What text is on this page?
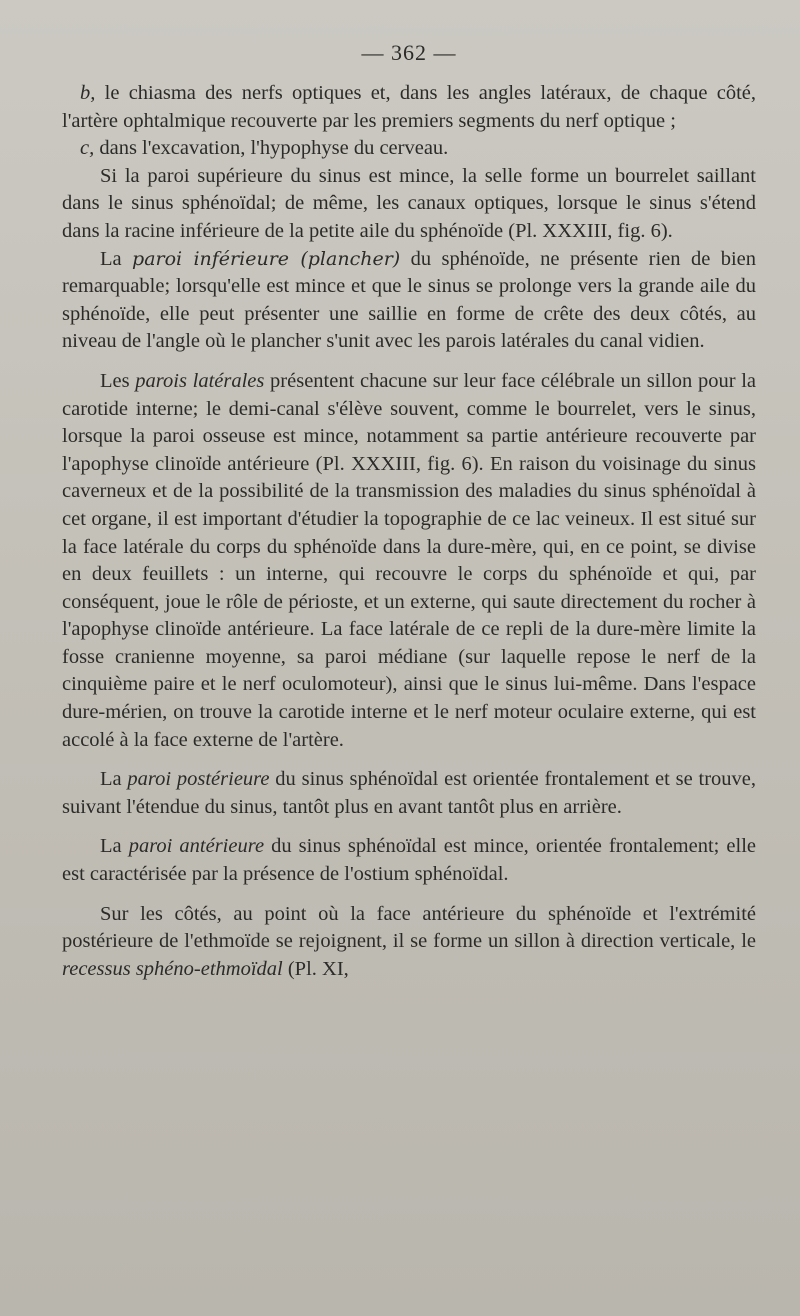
— 362 —

b, le chiasma des nerfs optiques et, dans les angles latéraux, de chaque côté, l'artère ophtalmique recouverte par les premiers segments du nerf optique ;

c, dans l'excavation, l'hypophyse du cerveau.

Si la paroi supérieure du sinus est mince, la selle forme un bourrelet saillant dans le sinus sphénoïdal; de même, les canaux optiques, lorsque le sinus s'étend dans la racine inférieure de la petite aile du sphénoïde (Pl. XXXIII, fig. 6).

La paroi inférieure (plancher) du sphénoïde, ne présente rien de bien remarquable; lorsqu'elle est mince et que le sinus se prolonge vers la grande aile du sphénoïde, elle peut présenter une saillie en forme de crête des deux côtés, au niveau de l'angle où le plancher s'unit avec les parois latérales du canal vidien.

Les parois latérales présentent chacune sur leur face célébrale un sillon pour la carotide interne; le demi-canal s'élève souvent, comme le bourrelet, vers le sinus, lorsque la paroi osseuse est mince, notamment sa partie antérieure recouverte par l'apophyse clinoïde antérieure (Pl. XXXIII, fig. 6). En raison du voisinage du sinus caverneux et de la possibilité de la transmission des maladies du sinus sphénoïdal à cet organe, il est important d'étudier la topographie de ce lac veineux. Il est situé sur la face latérale du corps du sphénoïde dans la dure-mère, qui, en ce point, se divise en deux feuillets : un interne, qui recouvre le corps du sphénoïde et qui, par conséquent, joue le rôle de périoste, et un externe, qui saute directement du rocher à l'apophyse clinoïde antérieure. La face latérale de ce repli de la dure-mère limite la fosse cranienne moyenne, sa paroi médiane (sur laquelle repose le nerf de la cinquième paire et le nerf oculomoteur), ainsi que le sinus lui-même. Dans l'espace dure-mérien, on trouve la carotide interne et le nerf moteur oculaire externe, qui est accolé à la face externe de l'artère.

La paroi postérieure du sinus sphénoïdal est orientée frontalement et se trouve, suivant l'étendue du sinus, tantôt plus en avant tantôt plus en arrière.

La paroi antérieure du sinus sphénoïdal est mince, orientée frontalement; elle est caractérisée par la présence de l'ostium sphénoïdal.

Sur les côtés, au point où la face antérieure du sphénoïde et l'extrémité postérieure de l'ethmoïde se rejoignent, il se forme un sillon à direction verticale, le recessus sphéno-ethmoïdal (Pl. XI,
